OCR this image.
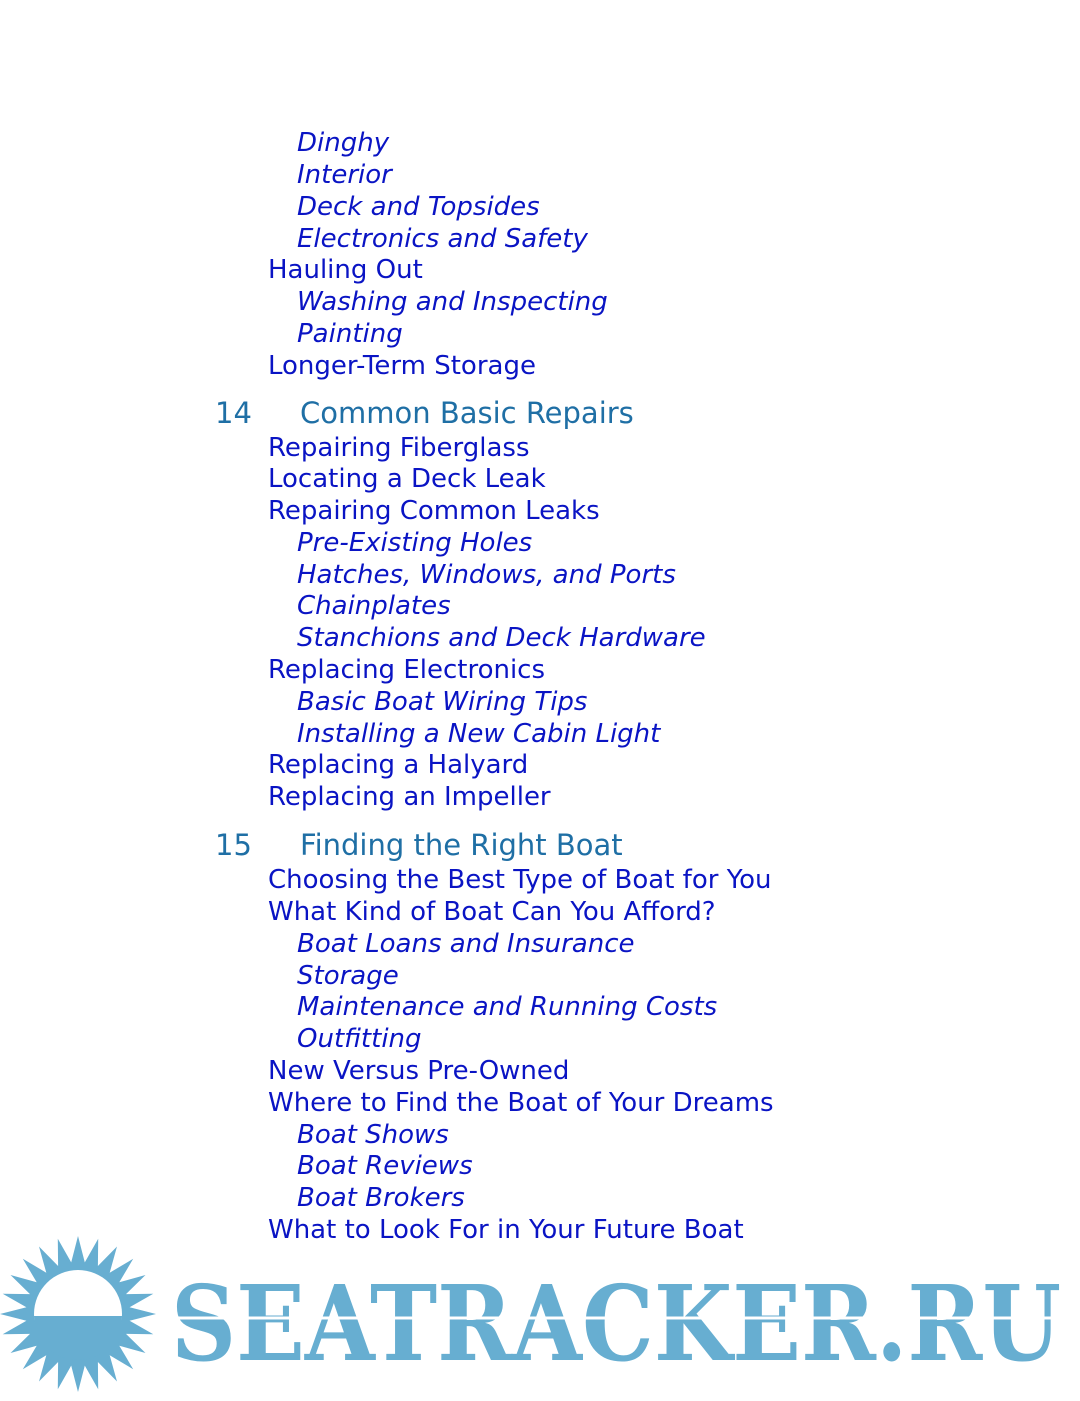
Dinghy
Interior
Deck and Topsides
Electronics and Safety
Hauling Out
Washing and Inspecting
Painting
Longer-Term Storage
14 Common Basic Repairs
Repairing Fiberglass
Locating a Deck Leak
Repairing Common Leaks
Pre-Existing Holes
Hatches, Windows, and Ports
Chainplates
Stanchions and Deck Hardware
Replacing Electronics
Basic Boat Wiring Tips
Installing a New Cabin Light
Replacing a Halyard
Replacing an Impeller
15 Finding the Right Boat
Choosing the Best Type of Boat for You
What Kind of Boat Can You Afford?
Boat Loans and Insurance
Storage
Maintenance and Running Costs
Outfitting
New Versus Pre-Owned
Where to Find the Boat of Your Dreams
Boat Shows
Boat Reviews
Boat Brokers
What to Look For in Your Future Boat
SEATRACKER.RU
